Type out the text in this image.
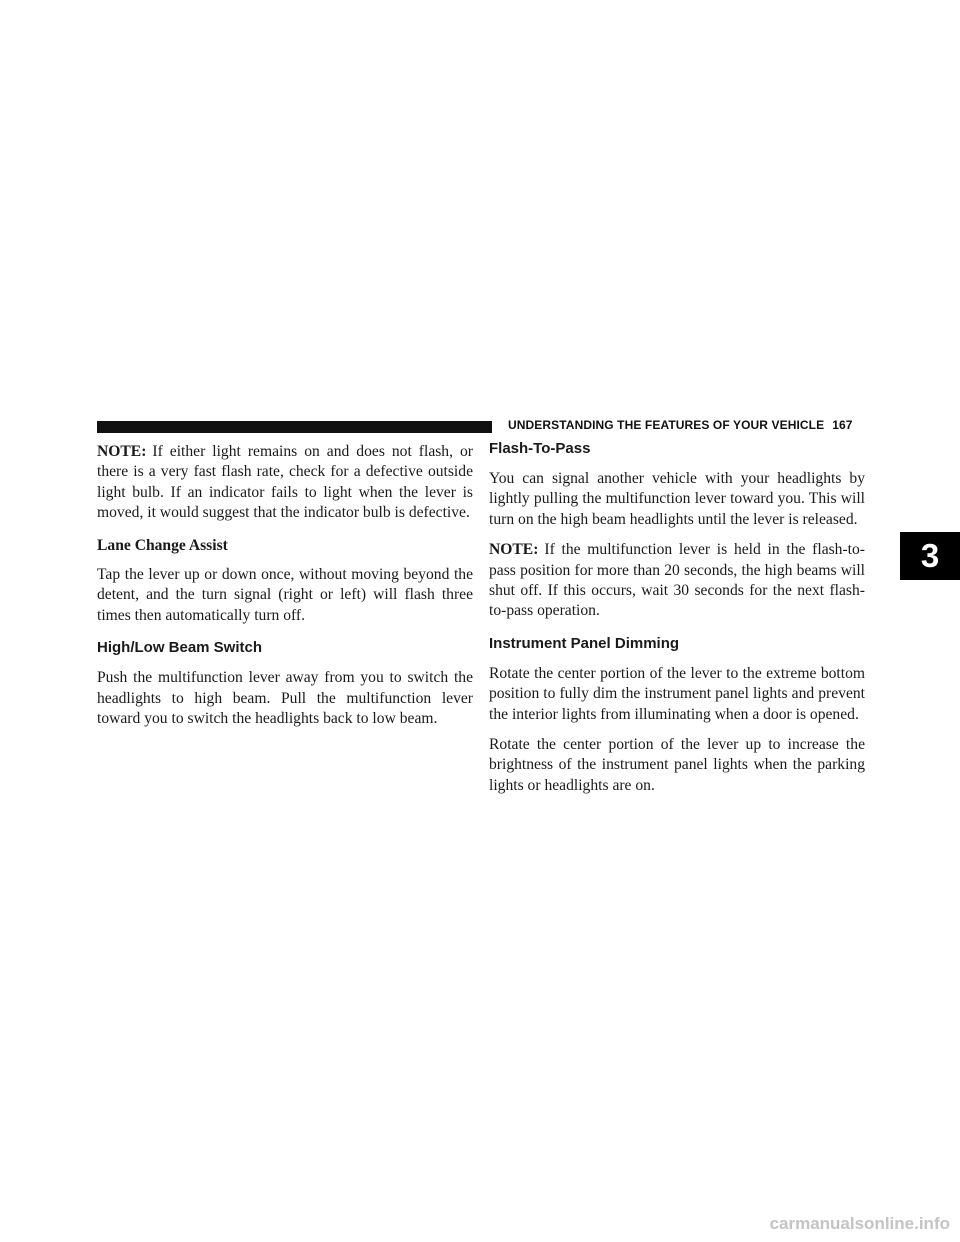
UNDERSTANDING THE FEATURES OF YOUR VEHICLE 167
3

NOTE: If either light remains on and does not flash, or there is a very fast flash rate, check for a defective outside light bulb. If an indicator fails to light when the lever is moved, it would suggest that the indicator bulb is defective.

Lane Change Assist

Tap the lever up or down once, without moving beyond the detent, and the turn signal (right or left) will flash three times then automatically turn off.

High/Low Beam Switch

Push the multifunction lever away from you to switch the headlights to high beam. Pull the multifunction lever toward you to switch the headlights back to low beam.

Flash-To-Pass

You can signal another vehicle with your headlights by lightly pulling the multifunction lever toward you. This will turn on the high beam headlights until the lever is released.

NOTE: If the multifunction lever is held in the flash-to-pass position for more than 20 seconds, the high beams will shut off. If this occurs, wait 30 seconds for the next flash-to-pass operation.

Instrument Panel Dimming

Rotate the center portion of the lever to the extreme bottom position to fully dim the instrument panel lights and prevent the interior lights from illuminating when a door is opened.

Rotate the center portion of the lever up to increase the brightness of the instrument panel lights when the parking lights or headlights are on.

carmanualsonline.info
